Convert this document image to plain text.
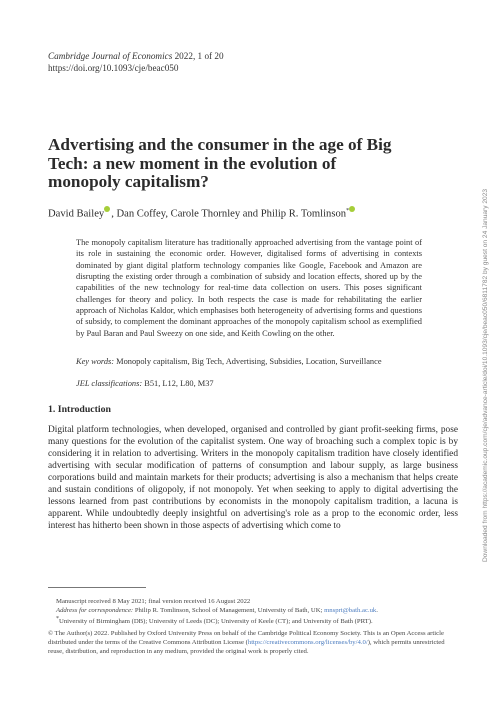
Cambridge Journal of Economics 2022, 1 of 20
https://doi.org/10.1093/cje/beac050
Advertising and the consumer in the age of Big Tech: a new moment in the evolution of monopoly capitalism?
David Bailey , Dan Coffey, Carole Thornley and Philip R. Tomlinson*

The monopoly capitalism literature has traditionally approached advertising from the vantage point of its role in sustaining the economic order. However, digitalised forms of advertising in contexts dominated by giant digital platform technology companies like Google, Facebook and Amazon are disrupting the existing order through a combination of subsidy and location effects, shored up by the capabilities of the new technology for real-time data collection on users. This poses significant challenges for theory and policy. In both respects the case is made for rehabilitating the earlier approach of Nicholas Kaldor, which emphasises both heterogeneity of advertising forms and questions of subsidy, to complement the dominant approaches of the monopoly capitalism school as exemplified by Paul Baran and Paul Sweezy on one side, and Keith Cowling on the other.

Key words: Monopoly capitalism, Big Tech, Advertising, Subsidies, Location, Surveillance

JEL classifications: B51, L12, L80, M37
1. Introduction

Digital platform technologies, when developed, organised and controlled by giant profit-seeking firms, pose many questions for the evolution of the capitalist system. One way of broaching such a complex topic is by considering it in relation to advertising. Writers in the monopoly capitalism tradition have closely identified advertising with secular modification of patterns of consumption and labour supply, as large business corporations build and maintain markets for their products; advertising is also a mechanism that helps create and sustain conditions of oligopoly, if not monopoly. Yet when seeking to apply to digital advertising the lessons learned from past contributions by economists in the monopoly capitalism tradition, a lacuna is apparent. While undoubtedly deeply insightful on advertising's role as a prop to the economic order, less interest has hitherto been shown in those aspects of advertising which come to

Manuscript received 8 May 2021; final version received 16 August 2022

Address for correspondence: Philip R. Tomlinson, School of Management, University of Bath, UK; mnsprt@bath.ac.uk.

*University of Birmingham (DB); University of Leeds (DC); University of Keele (CT); and University of Bath (PRT).

© The Author(s) 2022. Published by Oxford University Press on behalf of the Cambridge Political Economy Society. This is an Open Access article distributed under the terms of the Creative Commons Attribution License (https://creativecommons.org/licenses/by/4.0/), which permits unrestricted reuse, distribution, and reproduction in any medium, provided the original work is properly cited.

Downloaded from https://academic.oup.com/cje/advance-article/doi/10.1093/cje/beac050/6811782 by guest on 24 January 2023
